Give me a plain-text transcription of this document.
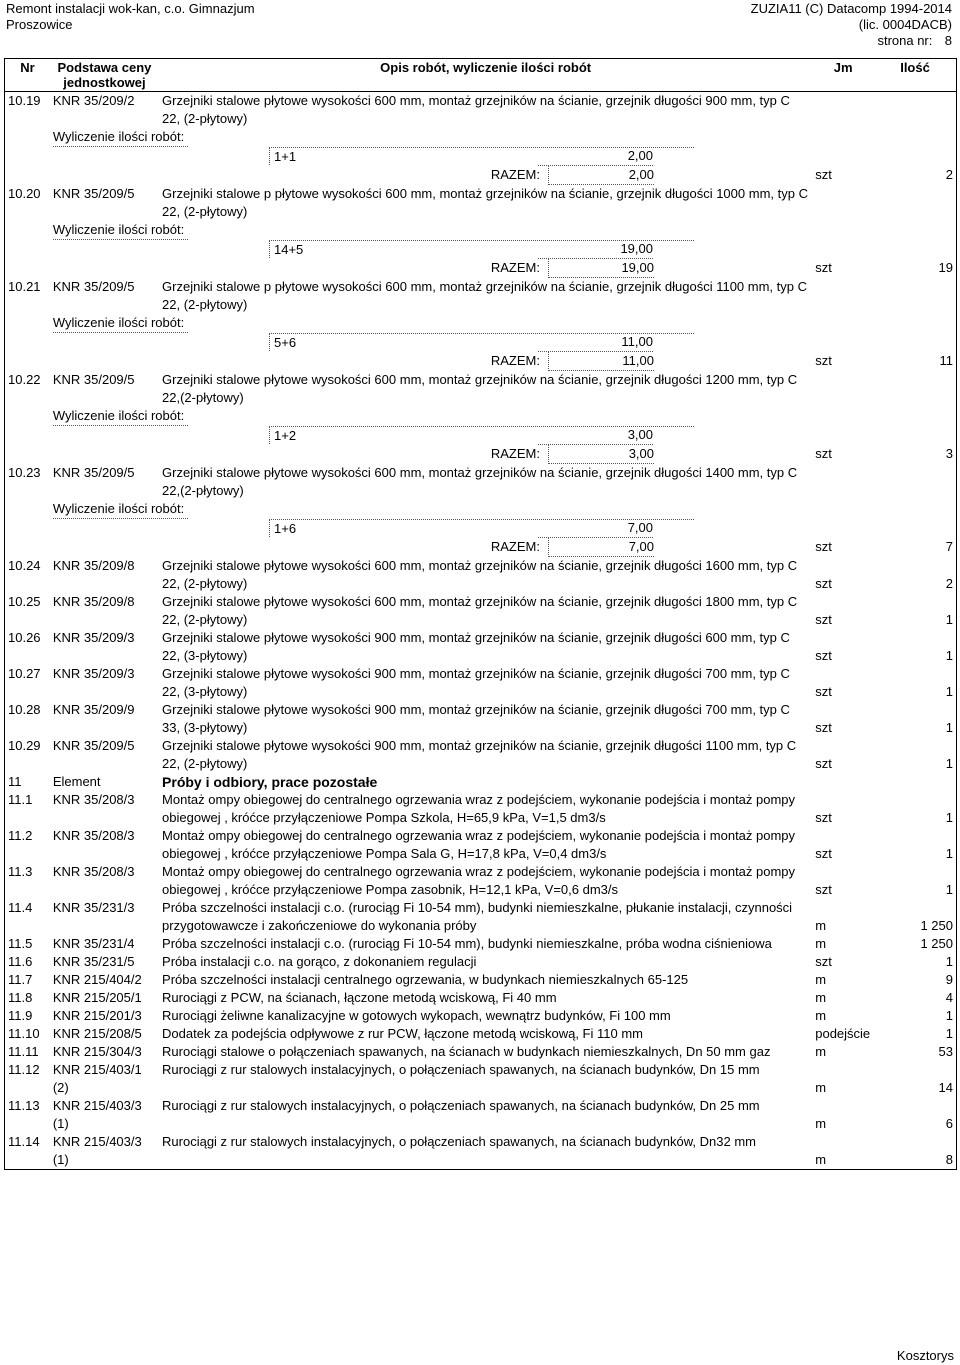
Remont instalacji wok-kan, c.o. Gimnazjum
Proszowice
ZUZIA11 (C) Datacomp 1994-2014
(lic. 0004DACB)
strona nr: 8
Nr	Podstawa ceny jednostkowej	Opis robót, wyliczenie ilości robót	Jm	Ilość
10.19	KNR 35/209/2	Grzejniki stalowe płytowe wysokości 600 mm, montaż grzejników na ścianie, grzejnik długości 900 mm, typ C 22, (2-płytowy)		
	Wyliczenie ilości robót:			

1+1 2,00				

RAZEM: 2,00			szt	2
10.20	KNR 35/209/5	Grzejniki stalowe p płytowe wysokości 600 mm, montaż grzejników na ścianie, grzejnik długości 1000 mm, typ C 22, (2-płytowy)		
	Wyliczenie ilości robót:			

14+5 19,00				

RAZEM: 19,00			szt	19
10.21	KNR 35/209/5	Grzejniki stalowe p płytowe wysokości 600 mm, montaż grzejników na ścianie, grzejnik długości 1100 mm, typ C 22, (2-płytowy)		
	Wyliczenie ilości robót:			

5+6 11,00				

RAZEM: 11,00			szt	11
10.22	KNR 35/209/5	Grzejniki stalowe płytowe wysokości 600 mm, montaż grzejników na ścianie, grzejnik długości 1200 mm, typ C 22,(2-płytowy)		
	Wyliczenie ilości robót:			

1+2 3,00				

RAZEM: 3,00			szt	3
10.23	KNR 35/209/5	Grzejniki stalowe płytowe wysokości 600 mm, montaż grzejników na ścianie, grzejnik długości 1400 mm, typ C 22,(2-płytowy)		
	Wyliczenie ilości robót:			

1+6 7,00				

RAZEM: 7,00			szt	7
10.24	KNR 35/209/8	Grzejniki stalowe płytowe wysokości 600 mm, montaż grzejników na ścianie, grzejnik długości 1600 mm, typ C 22, (2-płytowy)	szt	2
10.25	KNR 35/209/8	Grzejniki stalowe płytowe wysokości 600 mm, montaż grzejników na ścianie, grzejnik długości 1800 mm, typ C 22, (2-płytowy)	szt	1
10.26	KNR 35/209/3	Grzejniki stalowe płytowe wysokości 900 mm, montaż grzejników na ścianie, grzejnik długości 600 mm, typ C 22, (3-płytowy)	szt	1
10.27	KNR 35/209/3	Grzejniki stalowe płytowe wysokości 900 mm, montaż grzejników na ścianie, grzejnik długości 700 mm, typ C 22, (3-płytowy)	szt	1
10.28	KNR 35/209/9	Grzejniki stalowe płytowe wysokości 900 mm, montaż grzejników na ścianie, grzejnik długości 700 mm, typ C 33, (3-płytowy)	szt	1
10.29	KNR 35/209/5	Grzejniki stalowe płytowe wysokości 900 mm, montaż grzejników na ścianie, grzejnik długości 1100 mm, typ C 22, (2-płytowy)	szt	1
11	Element	Próby i odbiory, prace pozostałe		
11.1	KNR 35/208/3	Montaż ompy obiegowej do centralnego ogrzewania wraz z podejściem, wykonanie podejścia i montaż pompy obiegowej , króćce przyłączeniowe Pompa Szkola, H=65,9 kPa, V=1,5 dm3/s	szt	1
11.2	KNR 35/208/3	Montaż ompy obiegowej do centralnego ogrzewania wraz z podejściem, wykonanie podejścia i montaż pompy obiegowej , króćce przyłączeniowe Pompa Sala G, H=17,8 kPa, V=0,4 dm3/s	szt	1
11.3	KNR 35/208/3	Montaż ompy obiegowej do centralnego ogrzewania wraz z podejściem, wykonanie podejścia i montaż pompy obiegowej , króćce przyłączeniowe Pompa zasobnik, H=12,1 kPa, V=0,6 dm3/s	szt	1
11.4	KNR 35/231/3	Próba szczelności instalacji c.o. (rurociąg Fi 10-54 mm), budynki niemieszkalne, płukanie instalacji, czynności przygotowawcze i zakończeniowe do wykonania próby	m	1 250
11.5	KNR 35/231/4	Próba szczelności instalacji c.o. (rurociąg Fi 10-54 mm), budynki niemieszkalne, próba wodna ciśnieniowa	m	1 250
11.6	KNR 35/231/5	Próba instalacji c.o. na gorąco, z dokonaniem regulacji	szt	1
11.7	KNR 215/404/2	Próba szczelności instalacji centralnego ogrzewania, w budynkach niemieszkalnych 65-125	m	9
11.8	KNR 215/205/1	Rurociągi z PCW, na ścianach, łączone metodą wciskową, Fi 40 mm	m	4
11.9	KNR 215/201/3	Rurociągi żeliwne kanalizacyjne w gotowych wykopach, wewnątrz budynków, Fi 100 mm	m	1
11.10	KNR 215/208/5	Dodatek za podejścia odpływowe z rur PCW, łączone metodą wciskową, Fi 110 mm	podejście	1
11.11	KNR 215/304/3	Rurociągi stalowe o połączeniach spawanych, na ścianach w budynkach niemieszkalnych, Dn 50 mm gaz	m	53
11.12	KNR 215/403/1 (2)	Rurociągi z rur stalowych instalacyjnych, o połączeniach spawanych, na ścianach budynków, Dn 15 mm	m	14
11.13	KNR 215/403/3 (1)	Rurociągi z rur stalowych instalacyjnych, o połączeniach spawanych, na ścianach budynków, Dn 25 mm	m	6
11.14	KNR 215/403/3 (1)	Rurociągi z rur stalowych instalacyjnych, o połączeniach spawanych, na ścianach budynków, Dn32 mm	m	8
Kosztorys
